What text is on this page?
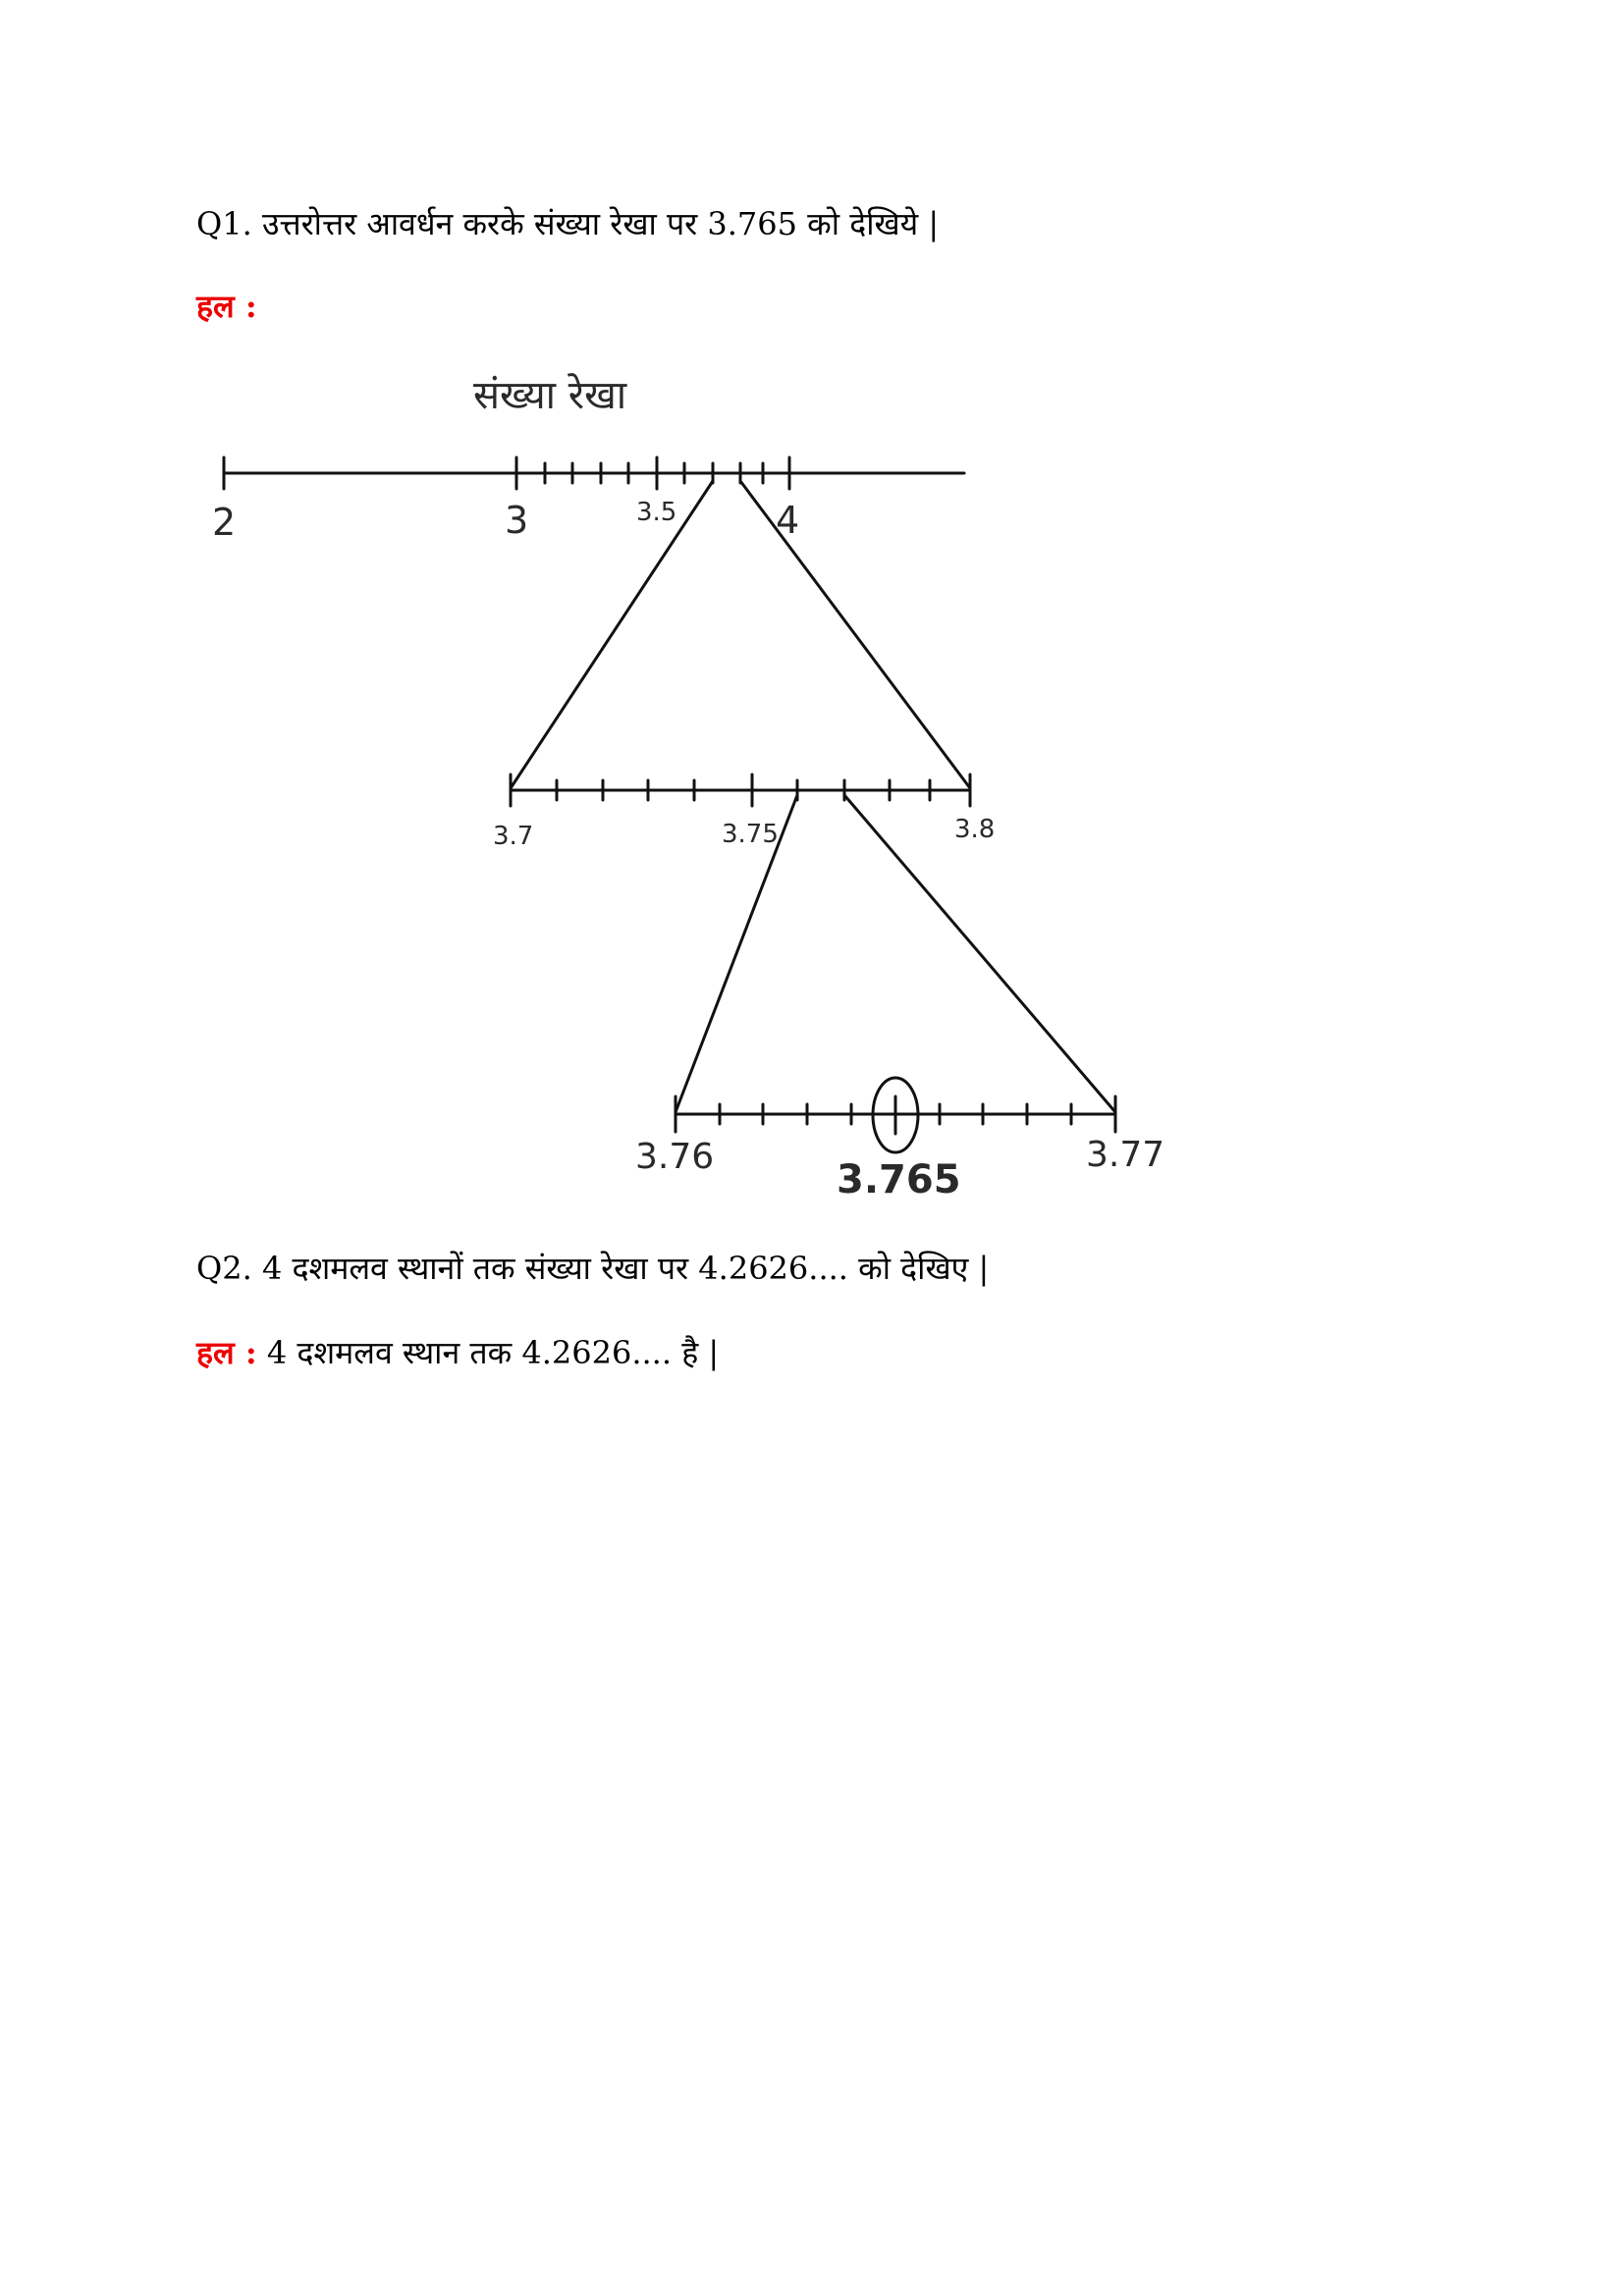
Q1. उत्तरोत्तर आवर्धन करके संख्या रेखा पर 3.765 को देखिये |
हल :
संख्या रेखा
2	3	3.5	4
3.7	3.75	3.8
3.76	3.77
3.765
Q2. 4 दशमलव स्थानों तक संख्या रेखा पर 4.2626.... को देखिए |
हल : 4 दशमलव स्थान तक 4.2626.... है |
